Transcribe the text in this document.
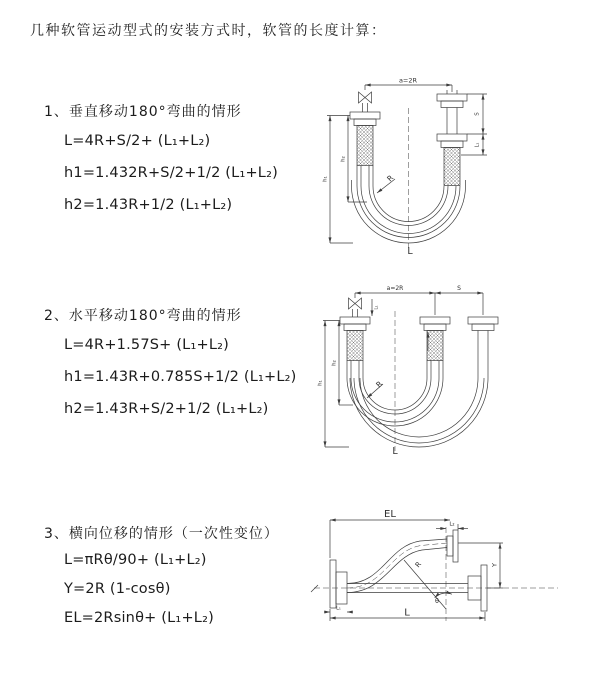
几种软管运动型式的安装方式时，软管的长度计算：
1、垂直移动180°弯曲的情形
L=4R+S/2+ (L₁+L₂)
h1=1.432R+S/2+1/2 (L₁+L₂)
h2=1.43R+1/2 (L₁+L₂)
2、水平移动180°弯曲的情形
L=4R+1.57S+ (L₁+L₂)
h1=1.43R+0.785S+1/2 (L₁+L₂)
h2=1.43R+S/2+1/2 (L₁+L₂)
3、横向位移的情形（一次性变位）
L=πRθ/90+ (L₁+L₂)
Y=2R (1-cosθ)
EL=2Rsinθ+ (L₁+L₂)
a=2R
S
L₁
h₂
h₁	R
L
a=2R	S
L₁
h₂
h₁	R
L
EL
L₂
Y
R
θ
L
L₁
